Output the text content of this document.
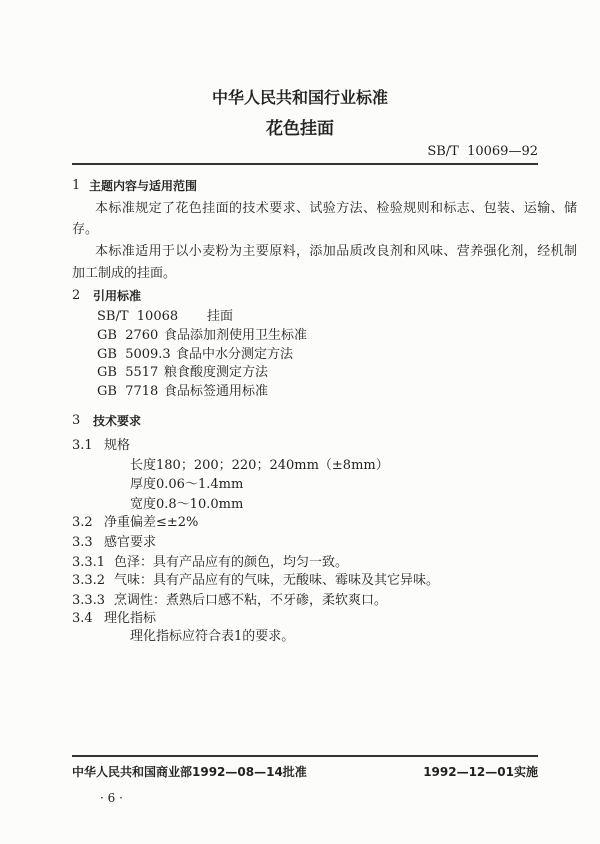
中华人民共和国行业标准
花色挂面
SB/T  10069—92
1 主题内容与适用范围
本标准规定了花色挂面的技术要求、试验方法、检验规则和标志、包装、运输、储
存。
本标准适用于以小麦粉为主要原料，添加品质改良剂和风味、营养强化剂，经机制
加工制成的挂面。
2 引用标准
SB/T  10068 挂面
GB  2760 食品添加剂使用卫生标准
GB  5009.3 食品中水分测定方法
GB  5517 粮食酸度测定方法
GB  7718 食品标签通用标准
3 技术要求
3.1 规格
长度180；200；220；240mm（±8mm）
厚度0.06～1.4mm
宽度0.8～10.0mm
3.2 净重偏差≤±2%
3.3 感官要求
3.3.1 色泽：具有产品应有的颜色，均匀一致。
3.3.2 气味：具有产品应有的气味，无酸味、霉味及其它异味。
3.3.3 烹调性：煮熟后口感不粘，不牙碜，柔软爽口。
3.4 理化指标
理化指标应符合表1的要求。
中华人民共和国商业部1992—08—14批准	1992—12—01实施
· 6 ·
